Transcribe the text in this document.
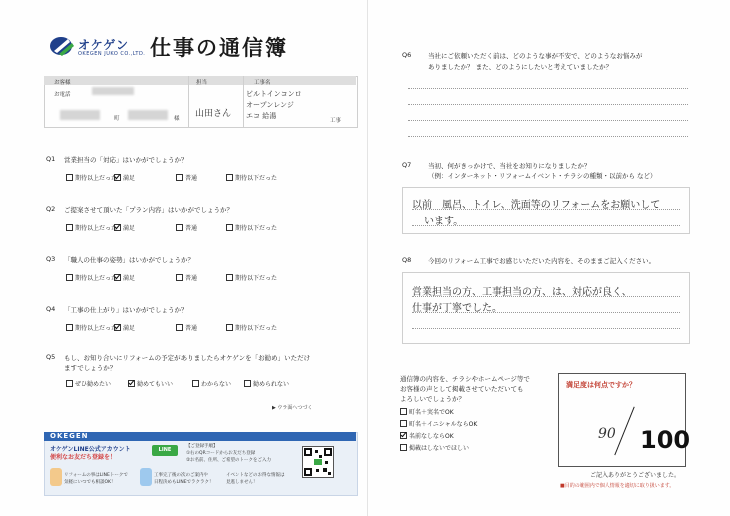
オケゲン
OKEGEN JUKO CO.,LTD. 仕事の通信簿
お客様
お電話
町	様
担当
山田さん
工事名
ビルトインコンロ
オープンレンジ
エコ 給湯
工事
Q1 営業担当の「対応」はいかがでしょうか？
期待以上だった 満足	普通	期待以下だった
Q2 ご提案させて頂いた「プラン内容」はいかがでしょうか？
期待以上だった 満足	普通	期待以下だった
Q3 「職人の仕事の姿勢」はいかがでしょうか？
期待以上だった 満足	普通	期待以下だった
Q4 「工事の仕上がり」はいかがでしょうか？
期待以上だった 満足	普通	期待以下だった
Q5 もし、お知り合いにリフォームの予定がありましたらオケゲンを「お勧め」いただけ
ますでしょうか？
ぜひ勧めたい	勧めてもいい	わからない	勧められない
▶ ウラ面へつづく
OKEGEN
オケゲンLINE公式アカウント
便利なお友だち登録を！
LINE
【ご登録手順】
①右のQRコードからお友だち登録
②お名前、住所、ご希望のトークをご入力
リフォームの事はLINEトークで
気軽にいつでも相談OK！
工事完了後の次のご案内や
日程決めもLINEでラクラク！
イベントなどのお得な情報は
見逃しません！
Q6	当社にご依頼いただく前は、どのような事が不安で、どのようなお悩みが
ありましたか？ また、どのようにしたいと考えていましたか？
Q7	当初、何がきっかけで、当社をお知りになりましたか？
（例：インターネット・リフォームイベント・チラシの種類・以前から など）
以前　風呂、トイレ、洗面等のリフォームをお願いして
います。
Q8	今回のリフォーム工事でお感じいただいた内容を、そのままご記入ください。
営業担当の方、工事担当の方、は、対応が良く、
仕事が丁寧でした。
通信簿の内容を、チラシやホームページ等で
お客様の声として掲載させていただいても
よろしいでしょうか？
町名＋実名でOK
町名＋イニシャルならOK
名前なしならOK
掲載はしないでほしい
満足度は何点ですか？
90 100
ご記入ありがとうございました。
■目的の範囲内で個人情報を適切に取り扱います。
